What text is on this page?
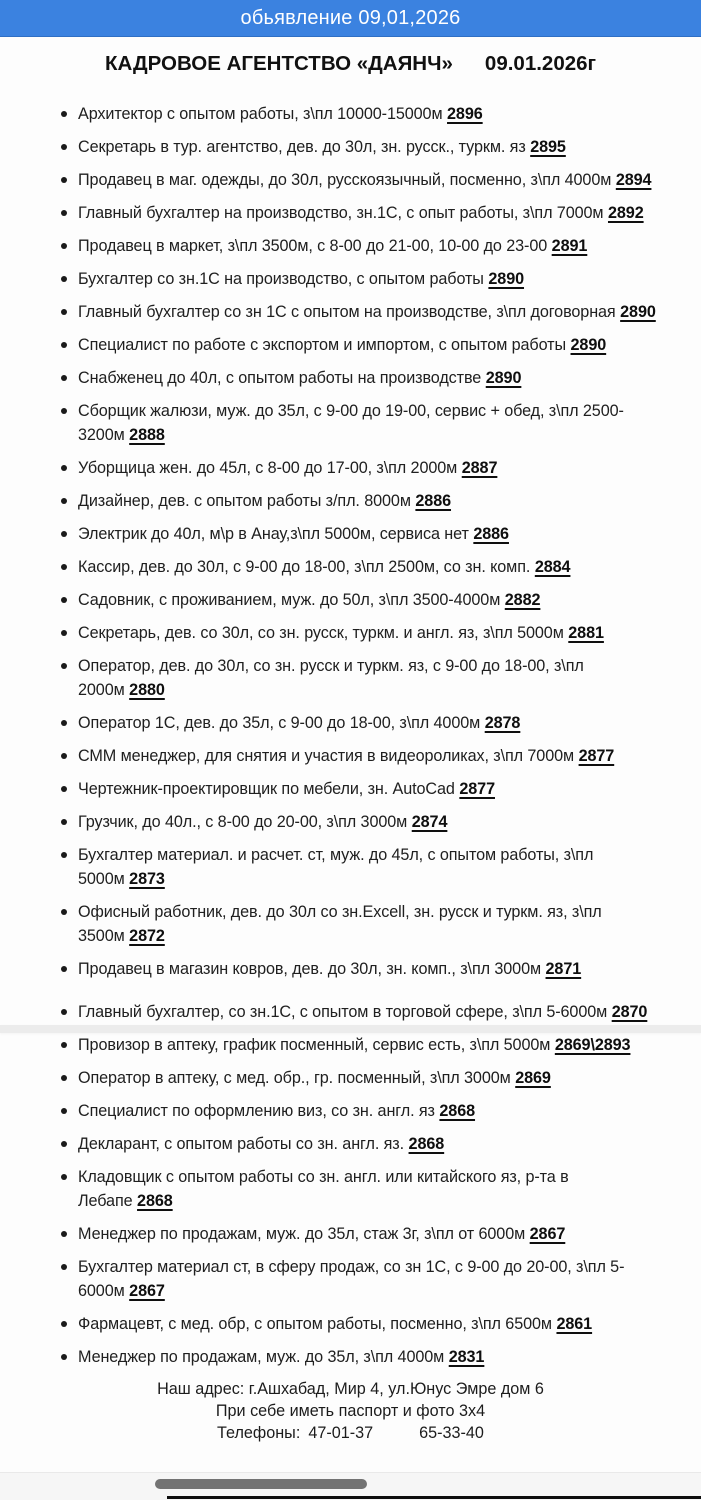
обьявление 09,01,2026
КАДРОВОЕ АГЕНТСТВО «ДАЯНЧ» 09.01.2026г
Архитектор с опытом работы, з\пл 10000-15000м 2896
Секретарь в тур. агентство, дев. до 30л, зн. русск., туркм. яз 2895
Продавец в маг. одежды, до 30л, русскоязычный, посменно, з\пл 4000м 2894
Главный бухгалтер на производство, зн.1С, с опыт работы, з\пл 7000м 2892
Продавец в маркет, з\пл 3500м, с 8-00 до 21-00, 10-00 до 23-00 2891
Бухгалтер со зн.1С на производство, с опытом работы 2890
Главный бухгалтер со зн 1С с опытом на производстве, з\пл договорная 2890
Специалист по работе с экспортом и импортом, с опытом работы 2890
Снабженец до 40л, с опытом работы на производстве 2890
Сборщик жалюзи, муж. до 35л, с 9-00 до 19-00, сервис + обед, з\пл 2500-3200м 2888
Уборщица жен. до 45л, с 8-00 до 17-00, з\пл 2000м 2887
Дизайнер, дев. с опытом работы з/пл. 8000м 2886
Электрик до 40л, м\р в Анау,з\пл 5000м, сервиса нет 2886
Кассир, дев. до 30л, с 9-00 до 18-00, з\пл 2500м, со зн. комп. 2884
Садовник, с проживанием, муж. до 50л, з\пл 3500-4000м 2882
Секретарь, дев. со 30л, со зн. русск, туркм. и англ. яз, з\пл 5000м 2881
Оператор, дев. до 30л, со зн. русск и туркм. яз, с 9-00 до 18-00, з\пл 2000м 2880
Оператор 1С, дев. до 35л, с 9-00 до 18-00, з\пл 4000м 2878
СММ менеджер, для снятия и участия в видеороликах, з\пл 7000м 2877
Чертежник-проектировщик по мебели, зн. AutoCad 2877
Грузчик, до 40л., с 8-00 до 20-00, з\пл 3000м 2874
Бухгалтер материал. и расчет. ст, муж. до 45л, с опытом работы, з\пл 5000м 2873
Офисный работник, дев. до 30л со зн.Excell, зн. русск и туркм. яз, з\пл 3500м 2872
Продавец в магазин ковров, дев. до 30л, зн. комп., з\пл 3000м 2871
Главный бухгалтер, со зн.1С, с опытом в торговой сфере, з\пл 5-6000м 2870
Провизор в аптеку, график посменный, сервис есть, з\пл 5000м 2869\2893
Оператор в аптеку, с мед. обр., гр. посменный, з\пл 3000м 2869
Специалист по оформлению виз, со зн. англ. яз 2868
Декларант, с опытом работы со зн. англ. яз. 2868
Кладовщик с опытом работы со зн. англ. или китайского яз, р-та в Лебапе 2868
Менеджер по продажам, муж. до 35л, стаж 3г, з\пл от 6000м 2867
Бухгалтер материал ст, в сферу продаж, со зн 1С, с 9-00 до 20-00, з\пл 5-6000м 2867
Фармацевт, с мед. обр, с опытом работы, посменно, з\пл 6500м 2861
Менеджер по продажам, муж. до 35л, з\пл 4000м 2831
Наш адрес: г.Ашхабад, Мир 4, ул.Юнус Эмре дом 6
При себе иметь паспорт и фото 3х4
Телефоны: 47-01-37	65-33-40
